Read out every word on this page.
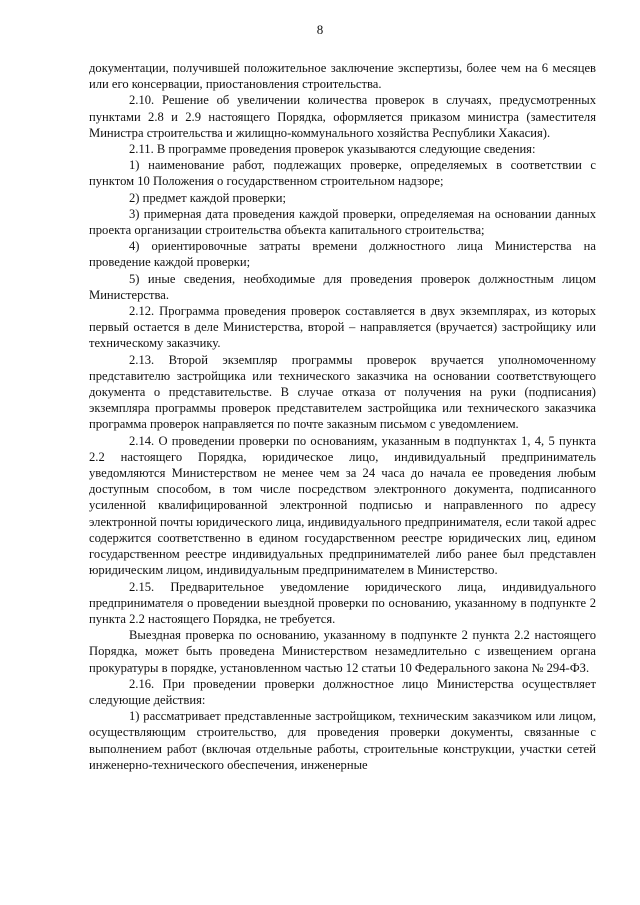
8

документации, получившей положительное заключение экспертизы, более чем на 6 месяцев или его консервации, приостановления строительства.

2.10. Решение об увеличении количества проверок в случаях, предусмотренных пунктами 2.8 и 2.9 настоящего Порядка, оформляется приказом министра (заместителя Министра строительства и жилищно-коммунального хозяйства Республики Хакасия).

2.11. В программе проведения проверок указываются следующие сведения:

1) наименование работ, подлежащих проверке, определяемых в соответствии с пунктом 10 Положения о государственном строительном надзоре;

2) предмет каждой проверки;

3) примерная дата проведения каждой проверки, определяемая на основании данных проекта организации строительства объекта капитального строительства;

4) ориентировочные затраты времени должностного лица Министерства на проведение каждой проверки;

5) иные сведения, необходимые для проведения проверок должностным лицом Министерства.

2.12. Программа проведения проверок составляется в двух экземплярах, из которых первый остается в деле Министерства, второй – направляется (вручается) застройщику или техническому заказчику.

2.13. Второй экземпляр программы проверок вручается уполномоченному представителю застройщика или технического заказчика на основании соответствующего документа о представительстве. В случае отказа от получения на руки (подписания) экземпляра программы проверок представителем застройщика или технического заказчика программа проверок направляется по почте заказным письмом с уведомлением.

2.14. О проведении проверки по основаниям, указанным в подпунктах 1, 4, 5 пункта 2.2 настоящего Порядка, юридическое лицо, индивидуальный предприниматель уведомляются Министерством не менее чем за 24 часа до начала ее проведения любым доступным способом, в том числе посредством электронного документа, подписанного усиленной квалифицированной электронной подписью и направленного по адресу электронной почты юридического лица, индивидуального предпринимателя, если такой адрес содержится соответственно в едином государственном реестре юридических лиц, едином государственном реестре индивидуальных предпринимателей либо ранее был представлен юридическим лицом, индивидуальным предпринимателем в Министерство.

2.15. Предварительное уведомление юридического лица, индивидуального предпринимателя о проведении выездной проверки по основанию, указанному в подпункте 2 пункта 2.2 настоящего Порядка, не требуется.

Выездная проверка по основанию, указанному в подпункте 2 пункта 2.2 настоящего Порядка, может быть проведена Министерством незамедлительно с извещением органа прокуратуры в порядке, установленном частью 12 статьи 10 Федерального закона № 294-ФЗ.

2.16. При проведении проверки должностное лицо Министерства осуществляет следующие действия:

1) рассматривает представленные застройщиком, техническим заказчиком или лицом, осуществляющим строительство, для проведения проверки документы, связанные с выполнением работ (включая отдельные работы, строительные конструкции, участки сетей инженерно-технического обеспечения, инженерные
